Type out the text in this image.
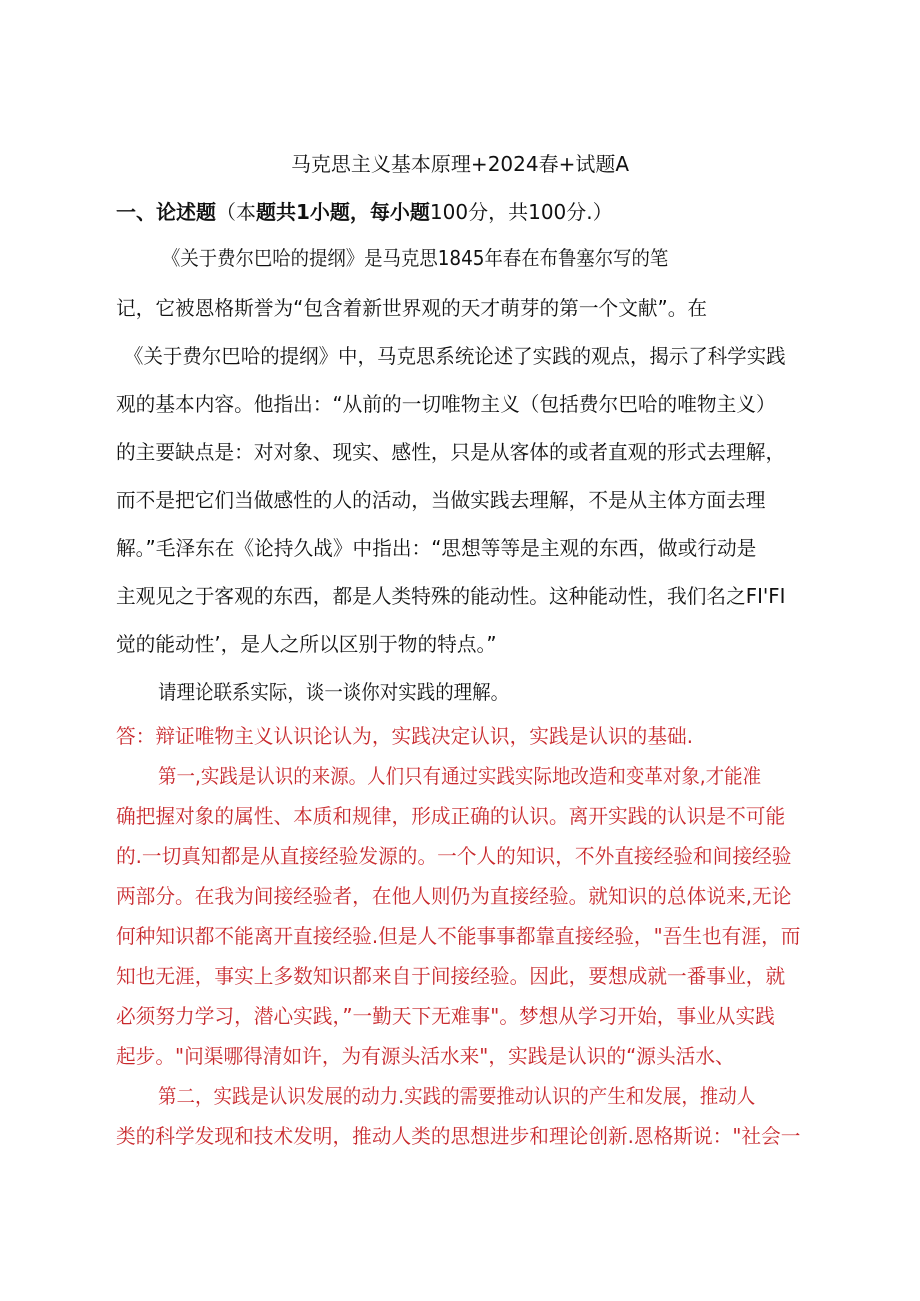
马克思主义基本原理+2024春+试题A
一、论述题（本题共1小题，每小题100分，共100分.）
《关于费尔巴哈的提纲》是马克思1845年春在布鲁塞尔写的笔
记，它被恩格斯誉为“包含着新世界观的天才萌芽的第一个文献”。在
《关于费尔巴哈的提纲》中，马克思系统论述了实践的观点，揭示了科学实践
观的基本内容。他指出：“从前的一切唯物主义（包括费尔巴哈的唯物主义）
的主要缺点是：对对象、现实、感性，只是从客体的或者直观的形式去理解，
而不是把它们当做感性的人的活动，当做实践去理解，不是从主体方面去理
解。”毛泽东在《论持久战》中指出：“思想等等是主观的东西，做或行动是
主观见之于客观的东西，都是人类特殊的能动性。这种能动性，我们名之FI'FI
觉的能动性’，是人之所以区别于物的特点。”
请理论联系实际，谈一谈你对实践的理解。
答：辩证唯物主义认识论认为，实践决定认识，实践是认识的基础.
第一,实践是认识的来源。人们只有通过实践实际地改造和变革对象,才能准
确把握对象的属性、本质和规律，形成正确的认识。离开实践的认识是不可能
的.一切真知都是从直接经验发源的。一个人的知识，不外直接经验和间接经验
两部分。在我为间接经验者，在他人则仍为直接经验。就知识的总体说来,无论
何种知识都不能离开直接经验.但是人不能事事都靠直接经验，"吾生也有涯，而
知也无涯，事实上多数知识都来自于间接经验。因此，要想成就一番事业，就
必须努力学习，潜心实践，”一勤天下无难事"。梦想从学习开始，事业从实践
起步。"问渠哪得清如许，为有源头活水来"，实践是认识的“源头活水、
第二，实践是认识发展的动力.实践的需要推动认识的产生和发展，推动人
类的科学发现和技术发明，推动人类的思想进步和理论创新.恩格斯说："社会一
